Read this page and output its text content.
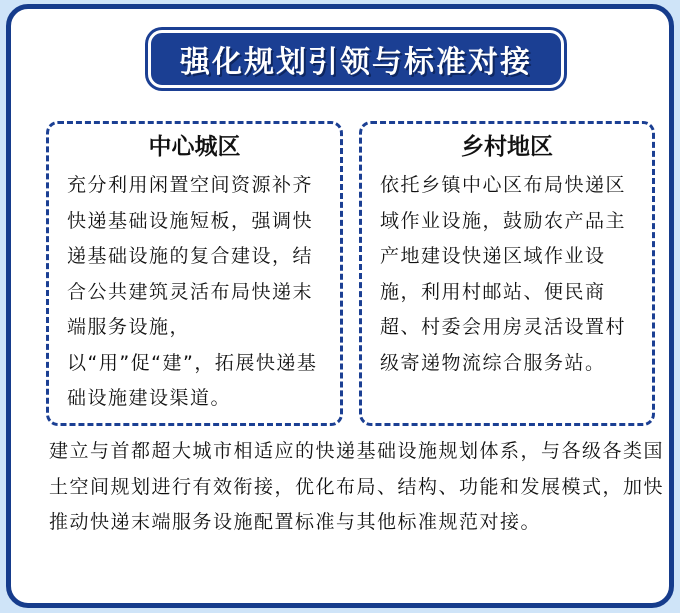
强化规划引领与标准对接
中心城区
充分利用闲置空间资源补齐快递基础设施短板，强调快递基础设施的复合建设，结合公共建筑灵活布局快递末端服务设施，以“用”促“建”，拓展快递基础设施建设渠道。
乡村地区
依托乡镇中心区布局快递区域作业设施，鼓励农产品主产地建设快递区域作业设施，利用村邮站、便民商超、村委会用房灵活设置村级寄递物流综合服务站。
建立与首都超大城市相适应的快递基础设施规划体系，与各级各类国土空间规划进行有效衔接，优化布局、结构、功能和发展模式，加快推动快递末端服务设施配置标准与其他标准规范对接。
